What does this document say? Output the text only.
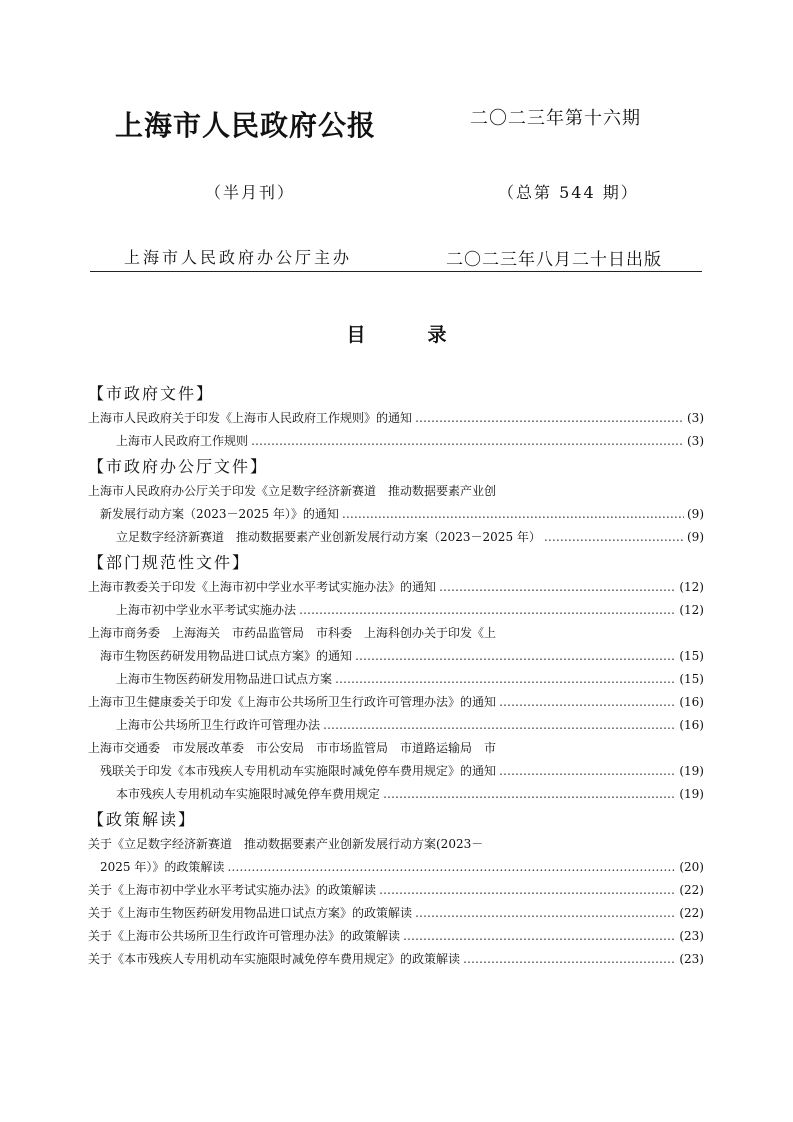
上海市人民政府公报	二〇二三年第十六期
（半月刊）	（总第 544 期）
上海市人民政府办公厅主办	二〇二三年八月二十日出版
目	录
【市政府文件】
上海市人民政府关于印发《上海市人民政府工作规则》的通知 …………………………………………………………………………………………………………………………………………………………………………………………	(3)
上海市人民政府工作规则 …………………………………………………………………………………………………………………………………………………………………………………………	(3)
【市政府办公厅文件】
上海市人民政府办公厅关于印发《立足数字经济新赛道　推动数据要素产业创
新发展行动方案（2023－2025 年）》的通知 …………………………………………………………………………………………………………………………………………………………………………………………	(9)
立足数字经济新赛道　推动数据要素产业创新发展行动方案（2023－2025 年） …………………………………………………………………………………………………………………………………………………………………………………………	(9)
【部门规范性文件】
上海市教委关于印发《上海市初中学业水平考试实施办法》的通知 …………………………………………………………………………………………………………………………………………………………………………………………	(12)
上海市初中学业水平考试实施办法 …………………………………………………………………………………………………………………………………………………………………………………………	(12)
上海市商务委　上海海关　市药品监管局　市科委　上海科创办关于印发《上
海市生物医药研发用物品进口试点方案》的通知 …………………………………………………………………………………………………………………………………………………………………………………………	(15)
上海市生物医药研发用物品进口试点方案 …………………………………………………………………………………………………………………………………………………………………………………………	(15)
上海市卫生健康委关于印发《上海市公共场所卫生行政许可管理办法》的通知 …………………………………………………………………………………………………………………………………………………………………………………………	(16)
上海市公共场所卫生行政许可管理办法 …………………………………………………………………………………………………………………………………………………………………………………………	(16)
上海市交通委　市发展改革委　市公安局　市市场监管局　市道路运输局　市
残联关于印发《本市残疾人专用机动车实施限时减免停车费用规定》的通知 …………………………………………………………………………………………………………………………………………………………………………………………	(19)
本市残疾人专用机动车实施限时减免停车费用规定 …………………………………………………………………………………………………………………………………………………………………………………………	(19)
【政策解读】
关于《立足数字经济新赛道　推动数据要素产业创新发展行动方案(2023－
2025 年）》的政策解读 …………………………………………………………………………………………………………………………………………………………………………………………	(20)
关于《上海市初中学业水平考试实施办法》的政策解读 …………………………………………………………………………………………………………………………………………………………………………………………	(22)
关于《上海市生物医药研发用物品进口试点方案》的政策解读 …………………………………………………………………………………………………………………………………………………………………………………………	(22)
关于《上海市公共场所卫生行政许可管理办法》的政策解读 …………………………………………………………………………………………………………………………………………………………………………………………	(23)
关于《本市残疾人专用机动车实施限时减免停车费用规定》的政策解读 …………………………………………………………………………………………………………………………………………………………………………………………	(23)
